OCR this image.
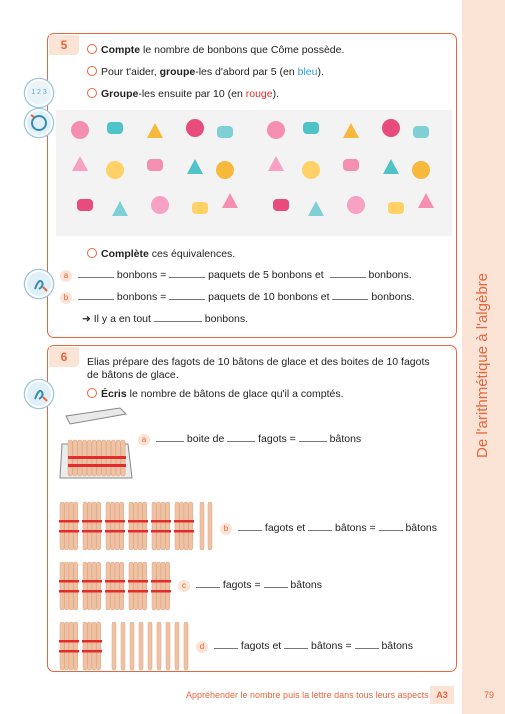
De l'arithmétique à l'algèbre
5
1 2 3
Compte le nombre de bonbons que Côme possède.
Pour t'aider, groupe-les d'abord par 5 (en bleu).
Groupe-les ensuite par 10 (en rouge).
Complète ces équivalences.
a	bonbons =	paquets de 5 bonbons et	bonbons.
b	bonbons =	paquets de 10 bonbons et	bonbons.
➜ Il y a en tout	bonbons.
6	Elias prépare des fagots de 10 bâtons de glace et des boites de 10 fagots
de bâtons de glace.
Écris le nombre de bâtons de glace qu'il a comptés.
a	boite de	fagots =	bâtons
b	fagots et	bâtons =	bâtons
c	fagots =	bâtons
d	fagots et	bâtons =	bâtons
Appréhender le nombre puis la lettre dans tous leurs aspects A3	79
